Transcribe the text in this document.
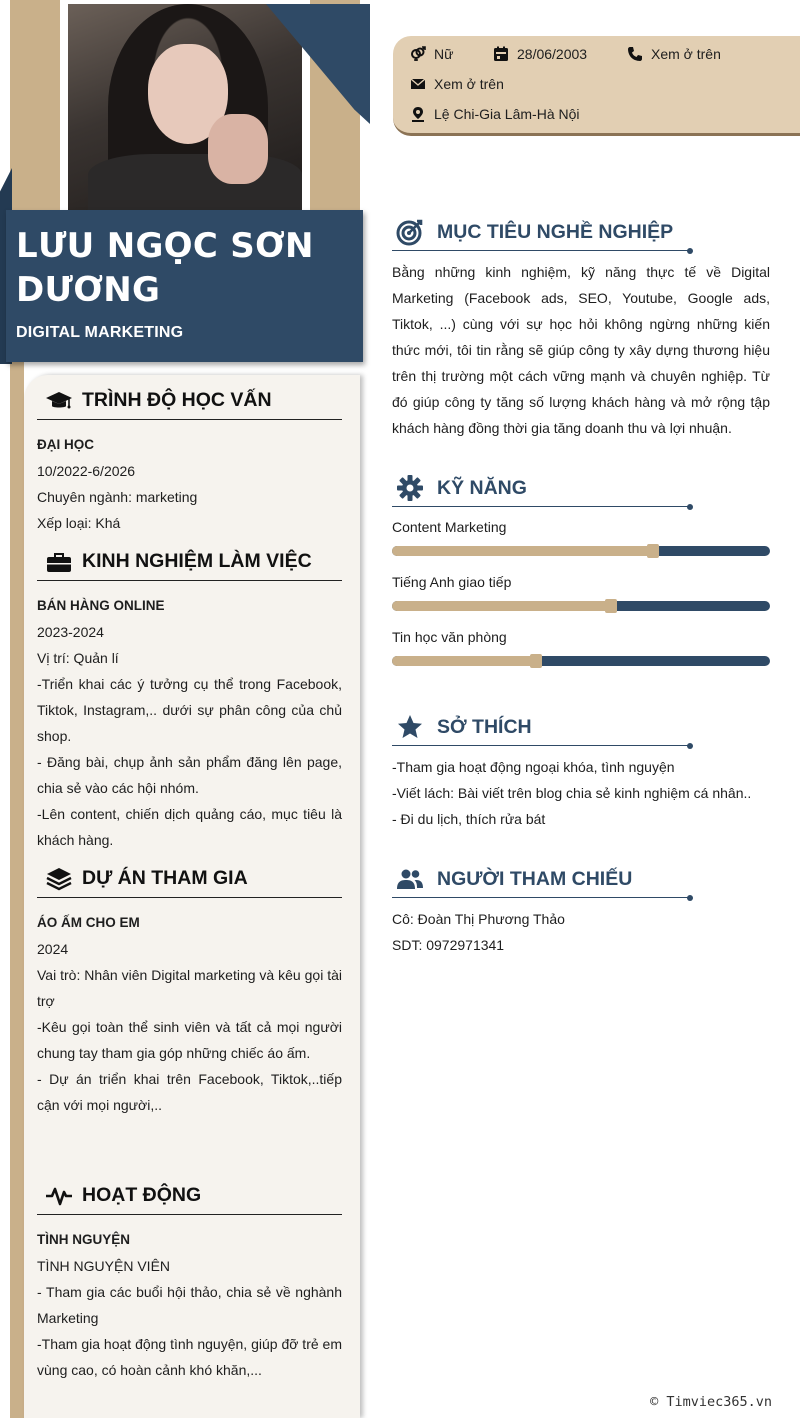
LƯU NGỌC SƠN DƯƠNG
DIGITAL MARKETING
TRÌNH ĐỘ HỌC VẤN
ĐẠI HỌC
10/2022-6/2026
Chuyên ngành: marketing
Xếp loại: Khá
KINH NGHIỆM LÀM VIỆC
BÁN HÀNG ONLINE
2023-2024
Vị trí: Quản lí
-Triển khai các ý tưởng cụ thể trong Facebook, Tiktok, Instagram,.. dưới sự phân công của chủ shop.
- Đăng bài, chụp ảnh sản phẩm đăng lên page, chia sẻ vào các hội nhóm.
-Lên content, chiến dịch quảng cáo, mục tiêu là khách hàng.
DỰ ÁN THAM GIA
ÁO ẤM CHO EM
2024
Vai trò: Nhân viên Digital marketing và kêu gọi tài trợ
-Kêu gọi toàn thể sinh viên và tất cả mọi người chung tay tham gia góp những chiếc áo ấm.
- Dự án triển khai trên Facebook, Tiktok,..tiếp cận với mọi người,..
HOẠT ĐỘNG
TÌNH NGUYỆN
TÌNH NGUYỆN VIÊN
- Tham gia các buổi hội thảo, chia sẻ về nghành Marketing
-Tham gia hoạt động tình nguyện, giúp đỡ trẻ em vùng cao, có hoàn cảnh khó khăn,...
Nữ	28/06/2003	Xem ở trên
Xem ở trên
Lệ Chi-Gia Lâm-Hà Nội
MỤC TIÊU NGHỀ NGHIỆP
Bằng những kinh nghiệm, kỹ năng thực tế về Digital Marketing (Facebook ads, SEO, Youtube, Google ads, Tiktok, ...) cùng với sự học hỏi không ngừng những kiến thức mới, tôi tin rằng sẽ giúp công ty xây dựng thương hiệu trên thị trường một cách vững mạnh và chuyên nghiệp. Từ đó giúp công ty tăng số lượng khách hàng và mở rộng tập khách hàng đồng thời gia tăng doanh thu và lợi nhuận.
KỸ NĂNG
Content Marketing
Tiếng Anh giao tiếp
Tin học văn phòng
SỞ THÍCH
-Tham gia hoạt động ngoại khóa, tình nguyện
-Viết lách: Bài viết trên blog chia sẻ kinh nghiệm cá nhân..
- Đi du lịch, thích rửa bát
NGƯỜI THAM CHIẾU
Cô: Đoàn Thị Phương Thảo
SDT: 0972971341
© Timviec365.vn
